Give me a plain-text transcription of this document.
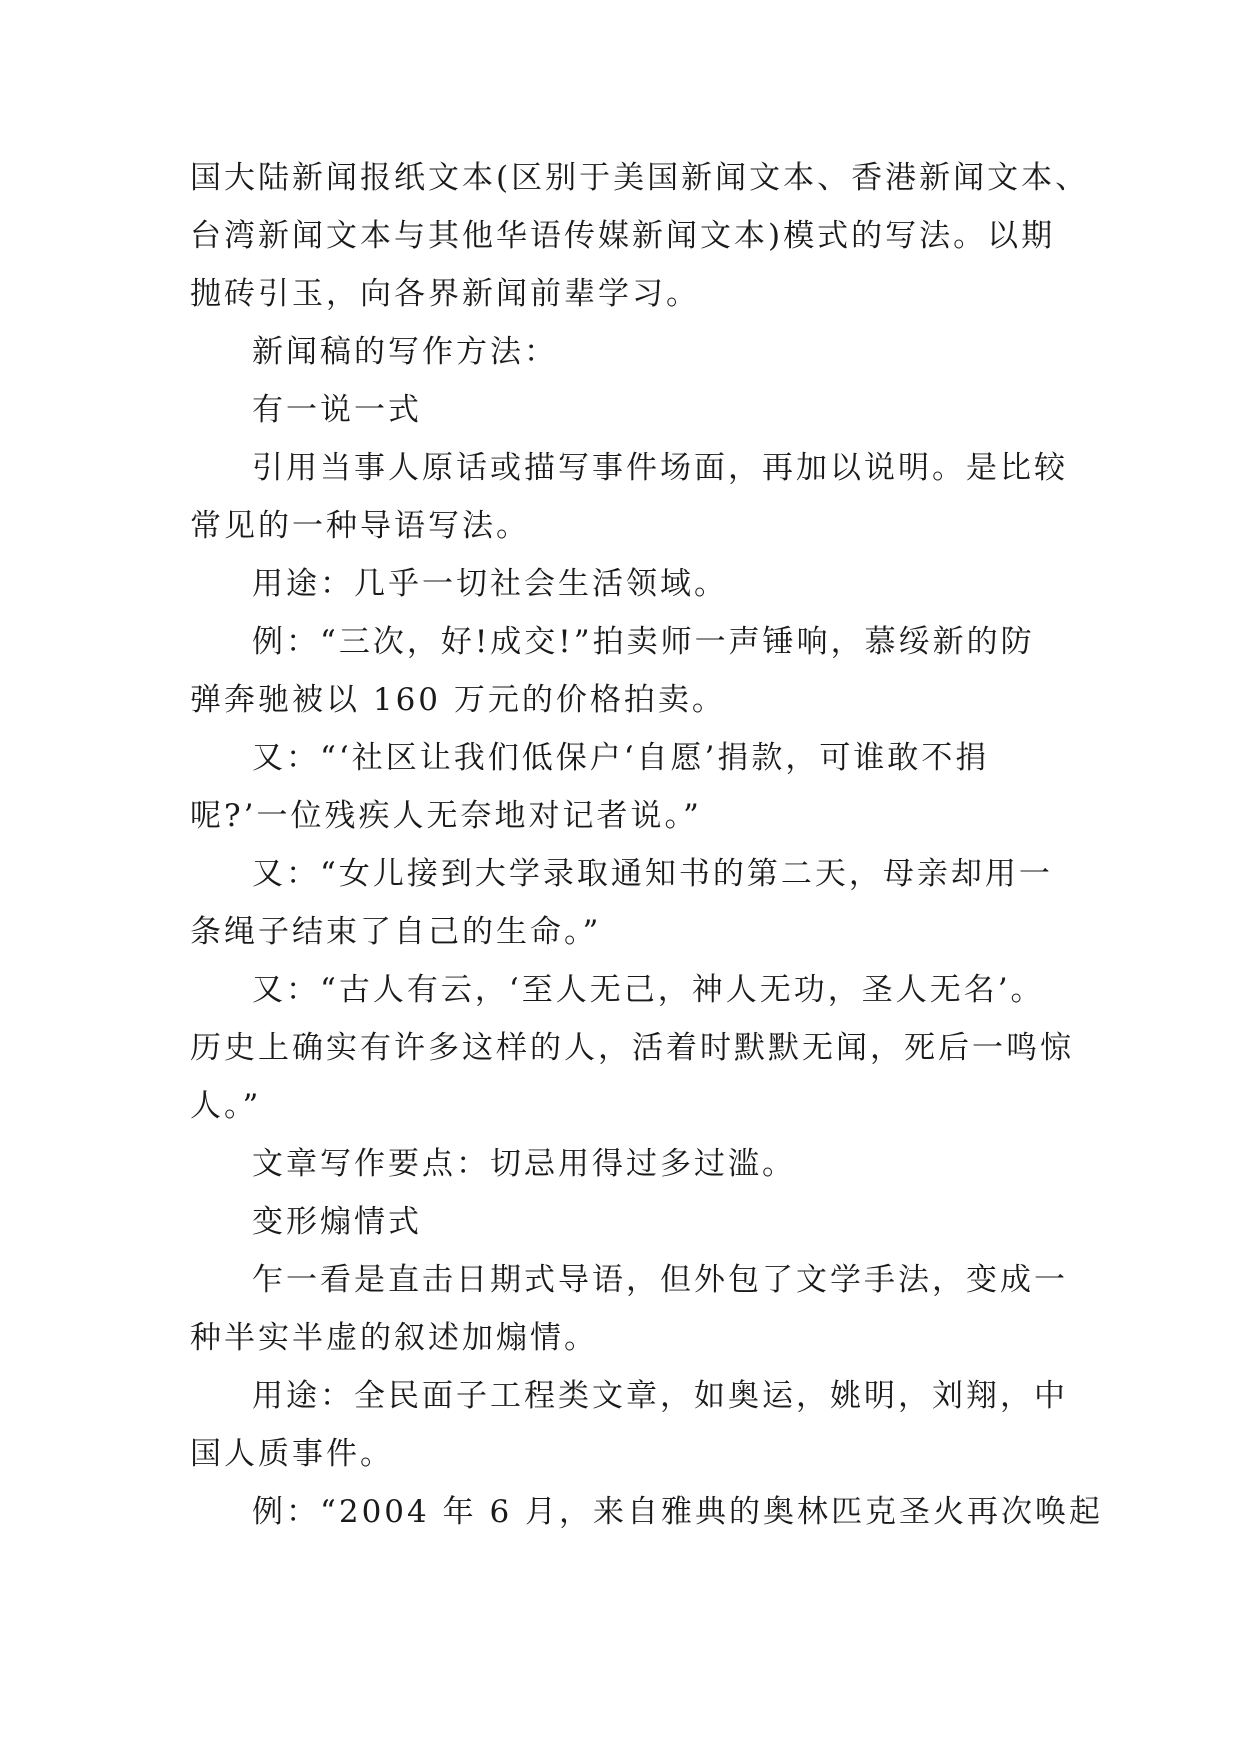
国大陆新闻报纸文本(区别于美国新闻文本、香港新闻文本、
台湾新闻文本与其他华语传媒新闻文本)模式的写法。以期
抛砖引玉，向各界新闻前辈学习。
新闻稿的写作方法：
有一说一式
引用当事人原话或描写事件场面，再加以说明。是比较
常见的一种导语写法。
用途：几乎一切社会生活领域。
例：“三次，好!成交!”拍卖师一声锤响，慕绥新的防
弹奔驰被以 160 万元的价格拍卖。
又：“‘社区让我们低保户‘自愿’捐款，可谁敢不捐
呢?’一位残疾人无奈地对记者说。”
又：“女儿接到大学录取通知书的第二天，母亲却用一
条绳子结束了自己的生命。”
又：“古人有云，‘至人无己，神人无功，圣人无名’。
历史上确实有许多这样的人，活着时默默无闻，死后一鸣惊
人。”
文章写作要点：切忌用得过多过滥。
变形煽情式
乍一看是直击日期式导语，但外包了文学手法，变成一
种半实半虚的叙述加煽情。
用途：全民面子工程类文章，如奥运，姚明，刘翔，中
国人质事件。
例：“2004 年 6 月，来自雅典的奥林匹克圣火再次唤起
